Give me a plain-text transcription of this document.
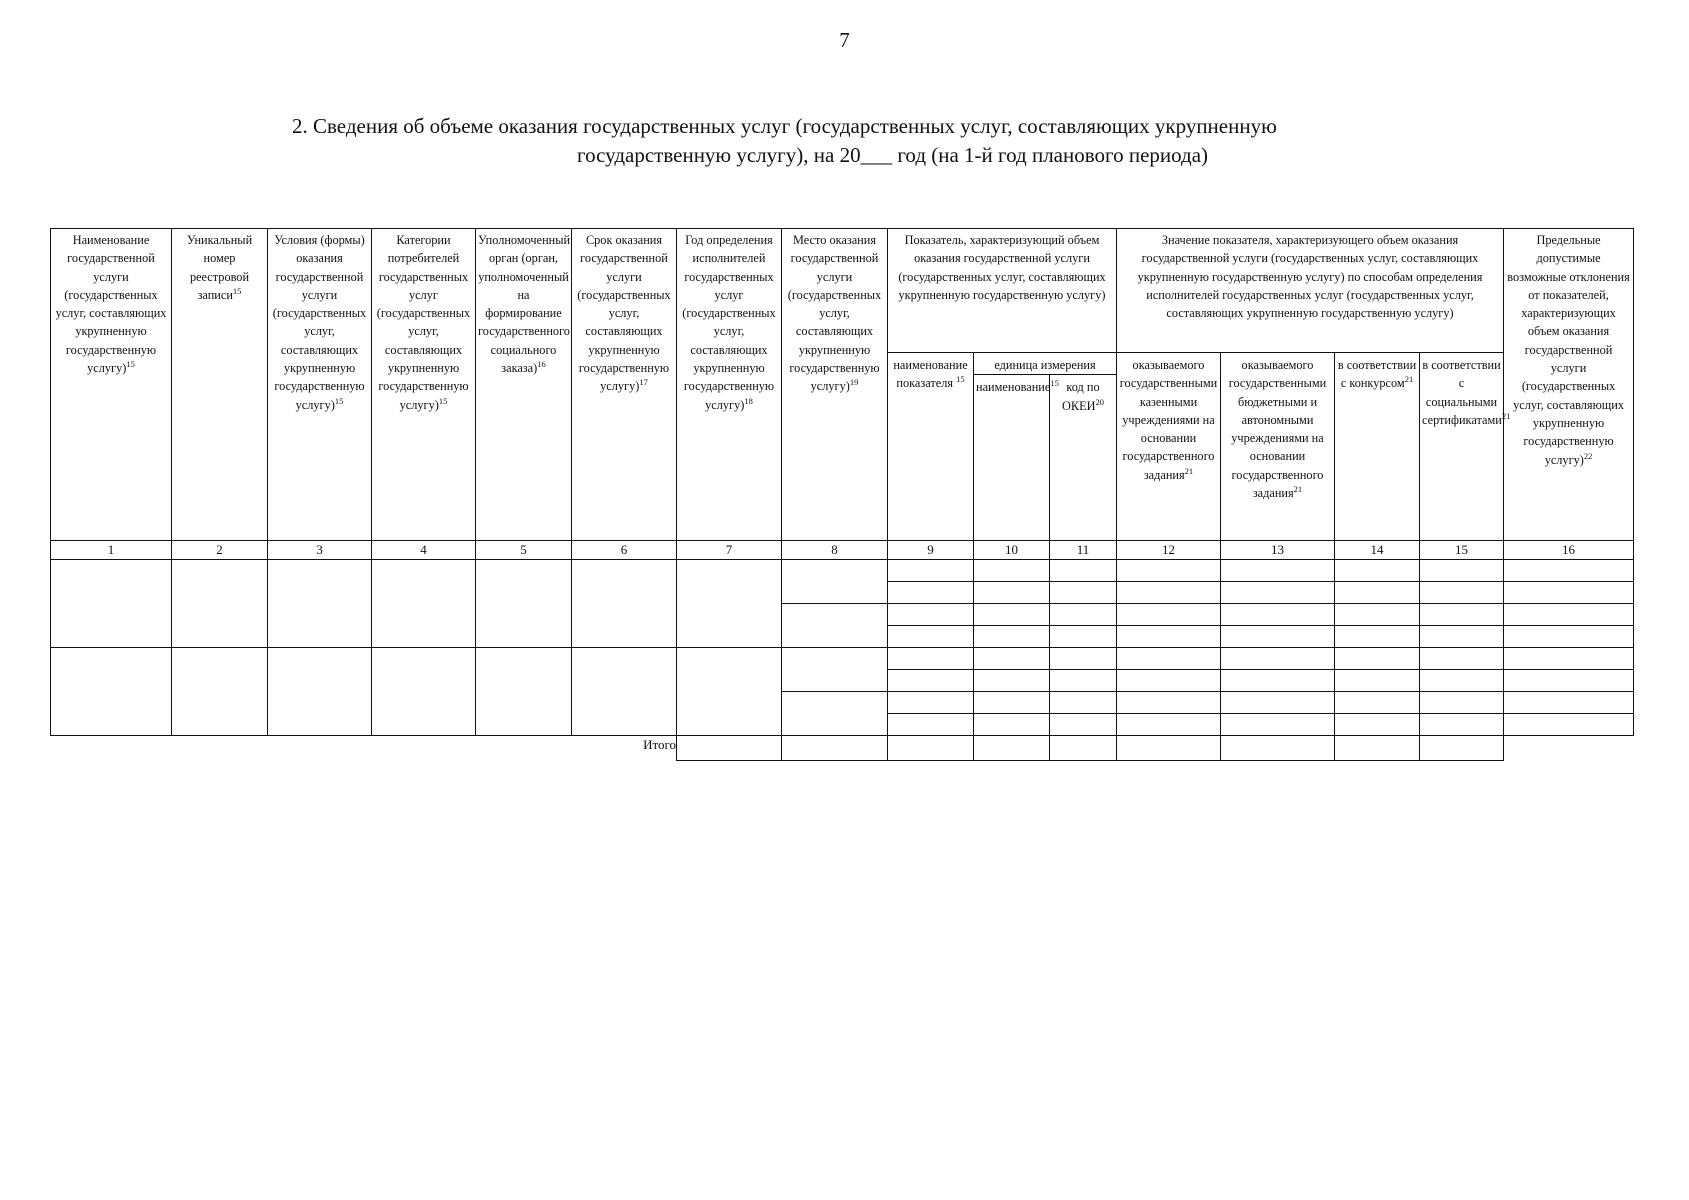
7
2. Сведения об объеме оказания государственных услуг (государственных услуг, составляющих укрупненную
государственную услугу), на 20___ год (на 1-й год планового периода)
Наименование государственной услуги (государственных услуг, составляющих укрупненную государственную услугу)$^{15}$	Уникальный номер реестровой записи$^{15}$	Условия (формы) оказания государственной услуги (государственных услуг, составляющих укрупненную государственную услугу)$^{15}$	Категории потребителей государственных услуг (государственных услуг, составляющих укрупненную государственную услугу)$^{15}$	Уполномоченный орган (орган, уполномоченный на формирование государственного социального заказа)$^{16}$	Срок оказания государственной услуги (государственных услуг, составляющих укрупненную государственную услугу)$^{17}$	Год определения исполнителей государственных услуг (государственных услуг, составляющих укрупненную государственную услугу)$^{18}$	Место оказания государственной услуги (государственных услуг, составляющих укрупненную государственную услугу)$^{19}$	Показатель, характеризующий объем оказания государственной услуги (государственных услуг, составляющих укрупненную государственную услугу)			Значение показателя, характеризующего объем оказания государственной услуги (государственных услуг, составляющих укрупненную государственную услугу) по способам определения исполнителей государственных услуг (государственных услуг, составляющих укрупненную государственную услугу)				Предельные допустимые возможные отклонения от показателей, характеризующих объем оказания государственной услуги (государственных услуг, составляющих укрупненную государственную услугу)$^{22}$
								наименование показателя $^{15}$	единица измерения		оказываемого государственными казенными учреждениями на основании государственного задания$^{21}$	оказываемого государственными бюджетными и автономными учреждениями на основании государственного задания$^{21}$	в соответствии с конкурсом$^{21}$	в соответствии с социальными сертификатами$^{21}$
									наименование$^{15}$	код по ОКЕИ$^{20}$
1	2	3	4	5	6	7	8	9	10	11	12	13	14	15	16

Итого															
